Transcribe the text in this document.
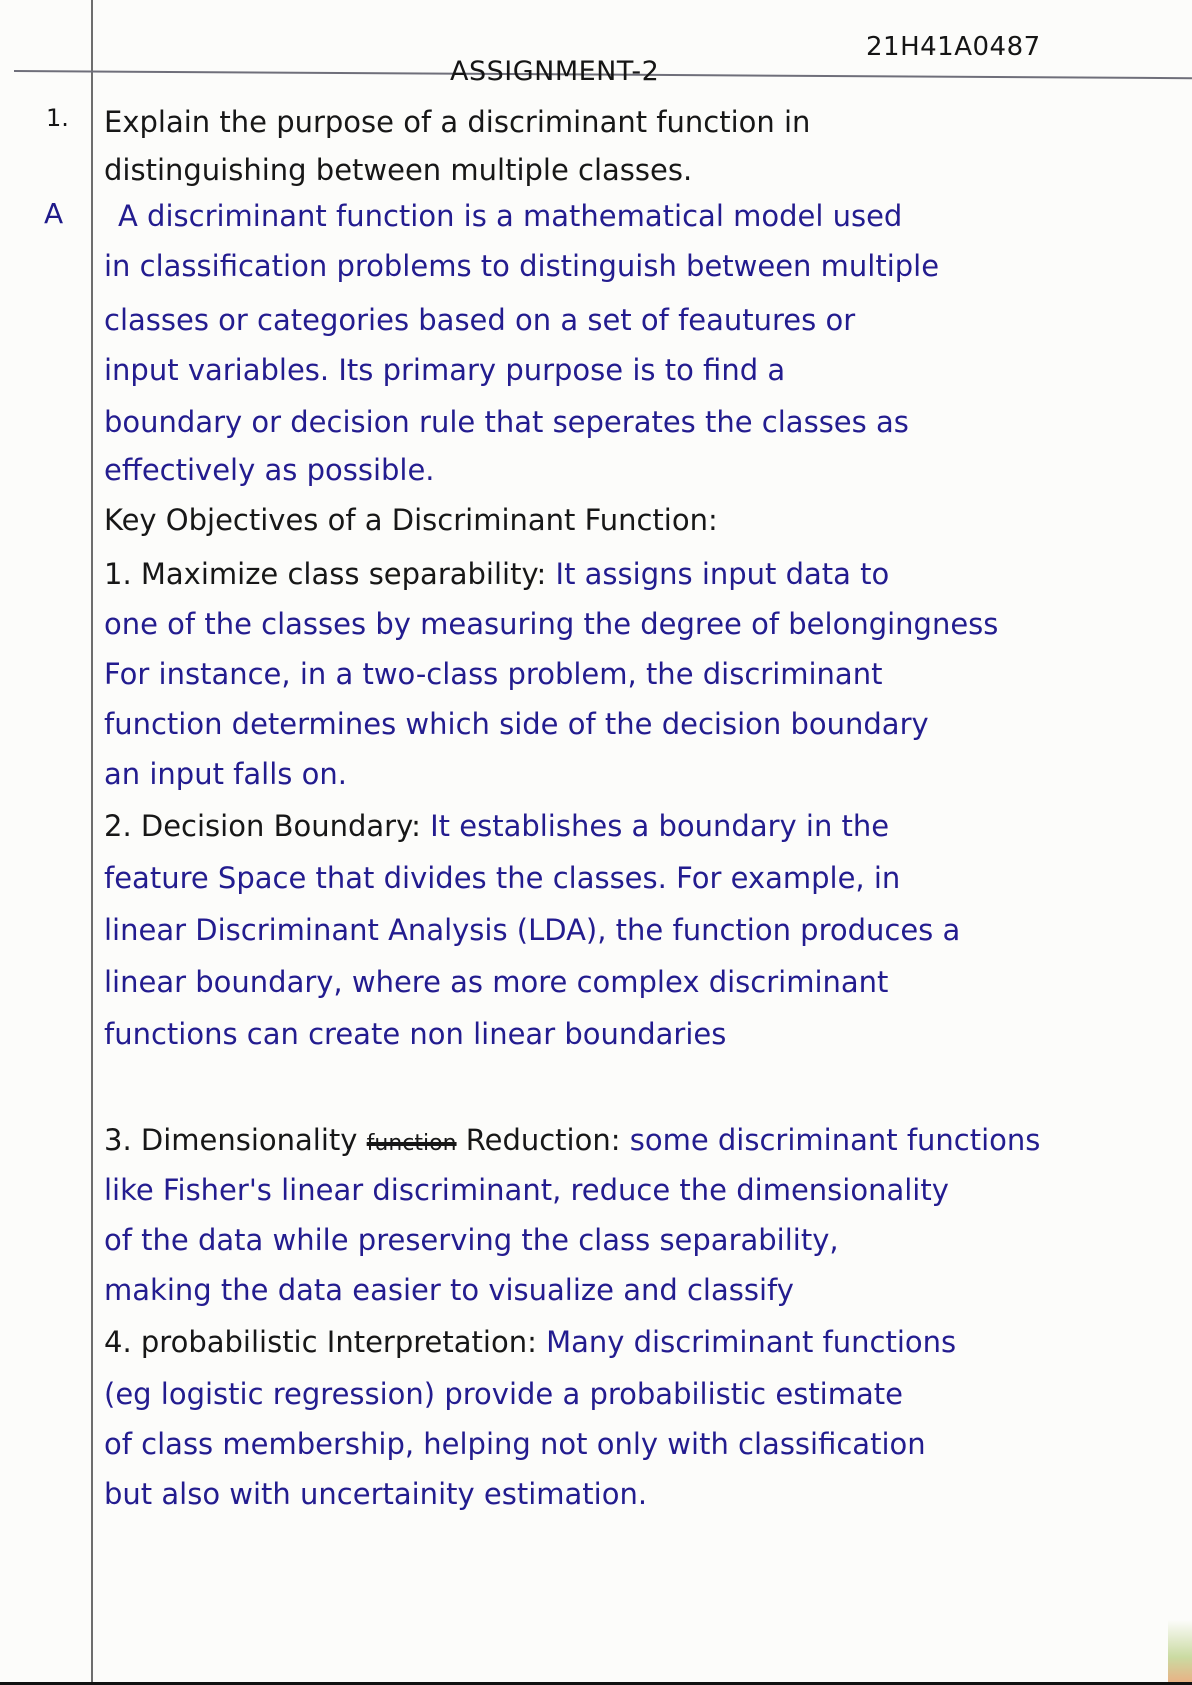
21H41A0487
ASSIGNMENT-2
1. Explain the purpose of a discriminant function in
distinguishing between multiple classes.
A A discriminant function is a mathematical model used
in classification problems to distinguish between multiple
classes or categories based on a set of feautures or
input variables. Its primary purpose is to find a
boundary or decision rule that seperates the classes as
effectively as possible.
Key Objectives of a Discriminant Function:
1. Maximize class separability: It assigns input data to
one of the classes by measuring the degree of belongingness
For instance, in a two-class problem, the discriminant
function determines which side of the decision boundary
an input falls on.
2. Decision Boundary: It establishes a boundary in the
feature Space that divides the classes. For example, in
linear Discriminant Analysis (LDA), the function produces a
linear boundary, where as more complex discriminant
functions can create non linear boundaries
3. Dimensionality function Reduction: some discriminant functions
like Fisher's linear discriminant, reduce the dimensionality
of the data while preserving the class separability,
making the data easier to visualize and classify
4. probabilistic Interpretation: Many discriminant functions
(eg logistic regression) provide a probabilistic estimate
of class membership, helping not only with classification
but also with uncertainity estimation.
